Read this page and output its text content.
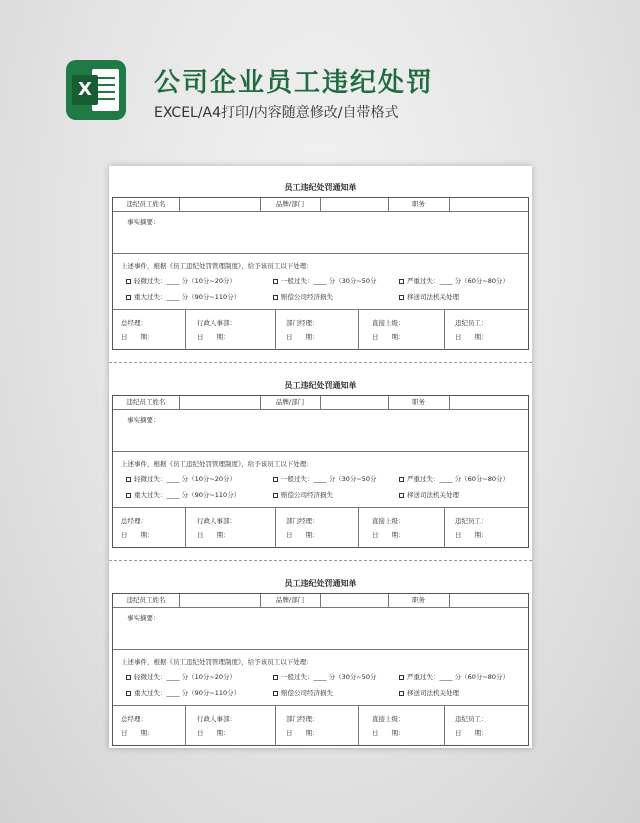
X 公司企业员工违纪处罚
EXCEL/A4打印/内容随意修改/自带格式
员工违纪处罚通知单
违纪员工姓名	品牌/部门	职务
事实摘要：
上述事件，根据《员工违纪处罚管理制度》，给予该员工以下处理：
轻微过失：____ 分（10分~20分）	一般过失：____ 分（30分~50分	严重过失：____ 分（60分~80分）
重大过失：____ 分（90分~110分）	赔偿公司经济损失	移送司法机关处理
总经理：
日　　期：
行政人事部：
日　　期：
部门经理：
日　　期：
直接上级：
日　　期：
违纪员工：
日　　期：
员工违纪处罚通知单
违纪员工姓名	品牌/部门	职务
事实摘要：
上述事件，根据《员工违纪处罚管理制度》，给予该员工以下处理：
轻微过失：____ 分（10分~20分）	一般过失：____ 分（30分~50分	严重过失：____ 分（60分~80分）
重大过失：____ 分（90分~110分）	赔偿公司经济损失	移送司法机关处理
总经理：
日　　期：
行政人事部：
日　　期：
部门经理：
日　　期：
直接上级：
日　　期：
违纪员工：
日　　期：
员工违纪处罚通知单
违纪员工姓名	品牌/部门	职务
事实摘要：
上述事件，根据《员工违纪处罚管理制度》，给予该员工以下处理：
轻微过失：____ 分（10分~20分）	一般过失：____ 分（30分~50分	严重过失：____ 分（60分~80分）
重大过失：____ 分（90分~110分）	赔偿公司经济损失	移送司法机关处理
总经理：
日　　期：
行政人事部：
日　　期：
部门经理：
日　　期：
直接上级：
日　　期：
违纪员工：
日　　期：
